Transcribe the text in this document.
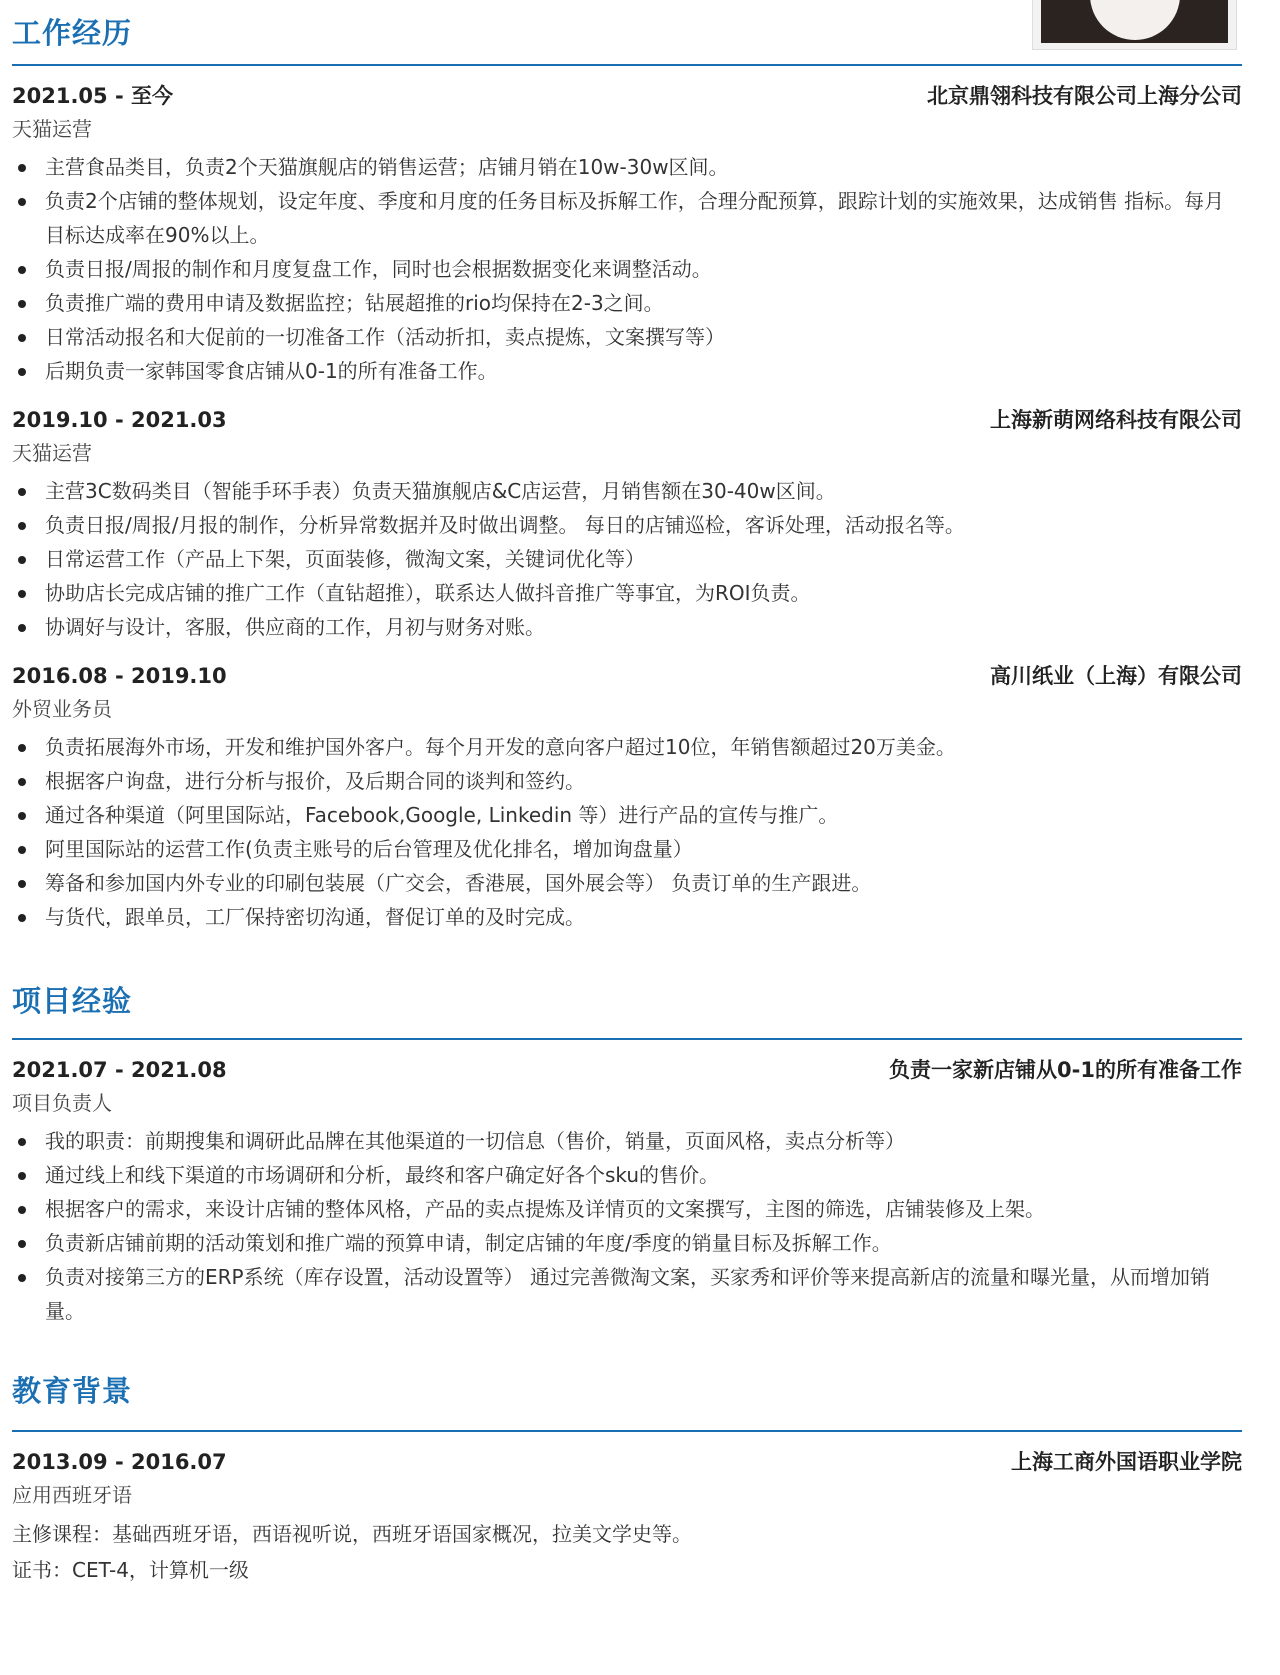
工作经历
2021.05 - 至今	北京鼎翎科技有限公司上海分公司
天猫运营
主营食品类目，负责2个天猫旗舰店的销售运营；店铺月销在10w-30w区间。
负责2个店铺的整体规划，设定年度、季度和月度的任务目标及拆解工作，合理分配预算，跟踪计划的实施效果，达成销售 指标。每月目标达成率在90%以上。
负责日报/周报的制作和月度复盘工作，同时也会根据数据变化来调整活动。
负责推广端的费用申请及数据监控；钻展超推的rio均保持在2-3之间。
日常活动报名和大促前的一切准备工作（活动折扣，卖点提炼，文案撰写等）
后期负责一家韩国零食店铺从0-1的所有准备工作。
2019.10 - 2021.03	上海新萌网络科技有限公司
天猫运营
主营3C数码类目（智能手环手表）负责天猫旗舰店&C店运营，月销售额在30-40w区间。
负责日报/周报/月报的制作，分析异常数据并及时做出调整。 每日的店铺巡检，客诉处理，活动报名等。
日常运营工作（产品上下架，页面装修，微淘文案，关键词优化等）
协助店长完成店铺的推广工作（直钻超推），联系达人做抖音推广等事宜，为ROI负责。
协调好与设计，客服，供应商的工作，月初与财务对账。
2016.08 - 2019.10	高川纸业（上海）有限公司
外贸业务员
负责拓展海外市场，开发和维护国外客户。每个月开发的意向客户超过10位，年销售额超过20万美金。
根据客户询盘，进行分析与报价，及后期合同的谈判和签约。
通过各种渠道（阿里国际站，Facebook,Google, Linkedin 等）进行产品的宣传与推广。
阿里国际站的运营工作(负责主账号的后台管理及优化排名，增加询盘量）
筹备和参加国内外专业的印刷包装展（广交会，香港展，国外展会等） 负责订单的生产跟进。
与货代，跟单员，工厂保持密切沟通，督促订单的及时完成。
项目经验
2021.07 - 2021.08	负责一家新店铺从0-1的所有准备工作
项目负责人
我的职责：前期搜集和调研此品牌在其他渠道的一切信息（售价，销量，页面风格，卖点分析等）
通过线上和线下渠道的市场调研和分析，最终和客户确定好各个sku的售价。
根据客户的需求，来设计店铺的整体风格，产品的卖点提炼及详情页的文案撰写，主图的筛选，店铺装修及上架。
负责新店铺前期的活动策划和推广端的预算申请，制定店铺的年度/季度的销量目标及拆解工作。
负责对接第三方的ERP系统（库存设置，活动设置等） 通过完善微淘文案，买家秀和评价等来提高新店的流量和曝光量，从而增加销量。
教育背景
2013.09 - 2016.07	上海工商外国语职业学院
应用西班牙语
主修课程：基础西班牙语，西语视听说，西班牙语国家概况，拉美文学史等。
证书：CET-4，计算机一级
